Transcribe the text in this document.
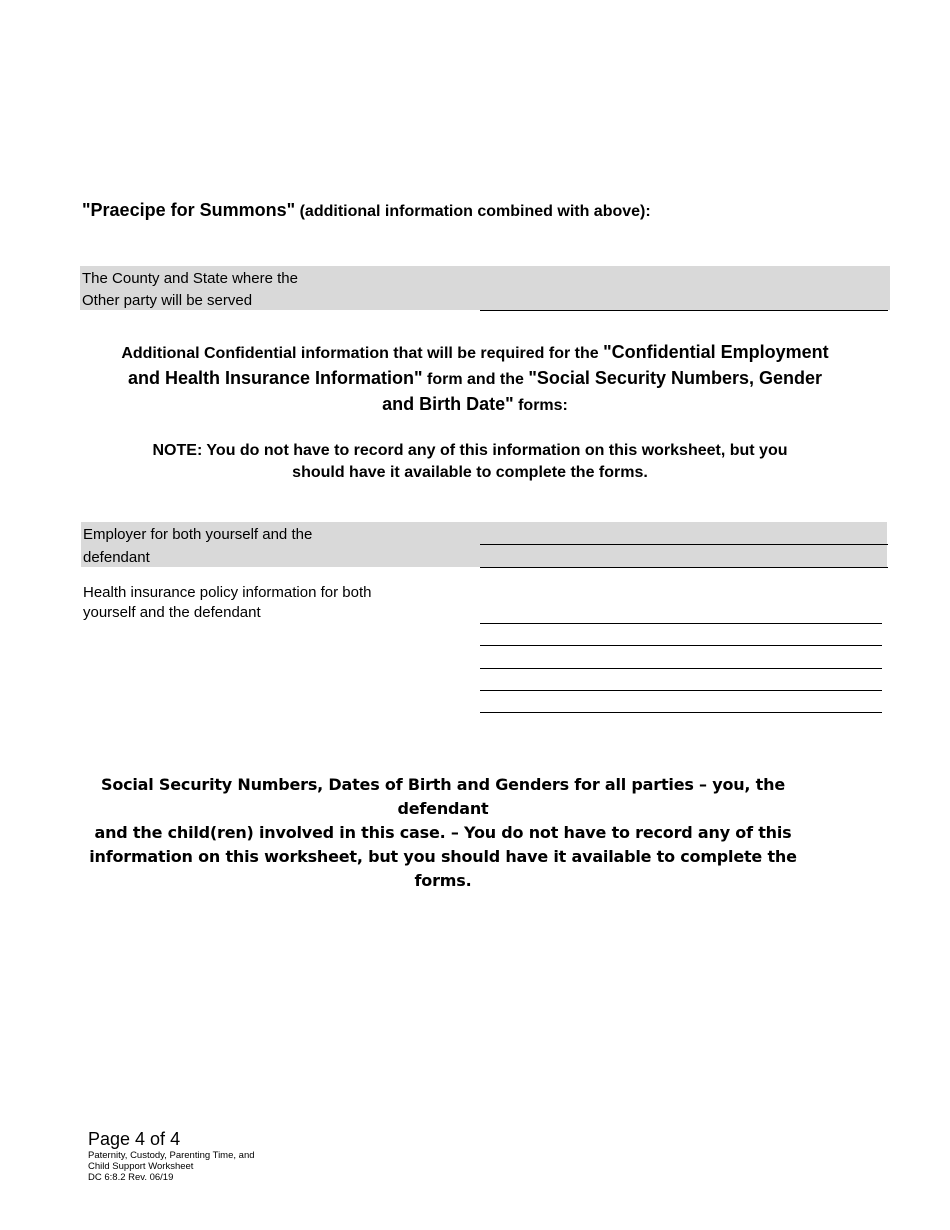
"Praecipe for Summons" (additional information combined with above):
The County and State where the
Other party will be served
Additional Confidential information that will be required for the "Confidential Employment and Health Insurance Information" form and the "Social Security Numbers, Gender and Birth Date" forms:
NOTE: You do not have to record any of this information on this worksheet, but you
should have it available to complete the forms.
Employer for both yourself and the
defendant
Health insurance policy information for both
yourself and the defendant
Social Security Numbers, Dates of Birth and Genders for all parties – you, the defendant
and the child(ren) involved in this case. – You do not have to record any of this
information on this worksheet, but you should have it available to complete the forms.
Page 4 of 4
Paternity, Custody, Parenting Time, and
Child Support Worksheet
DC 6:8.2 Rev. 06/19
